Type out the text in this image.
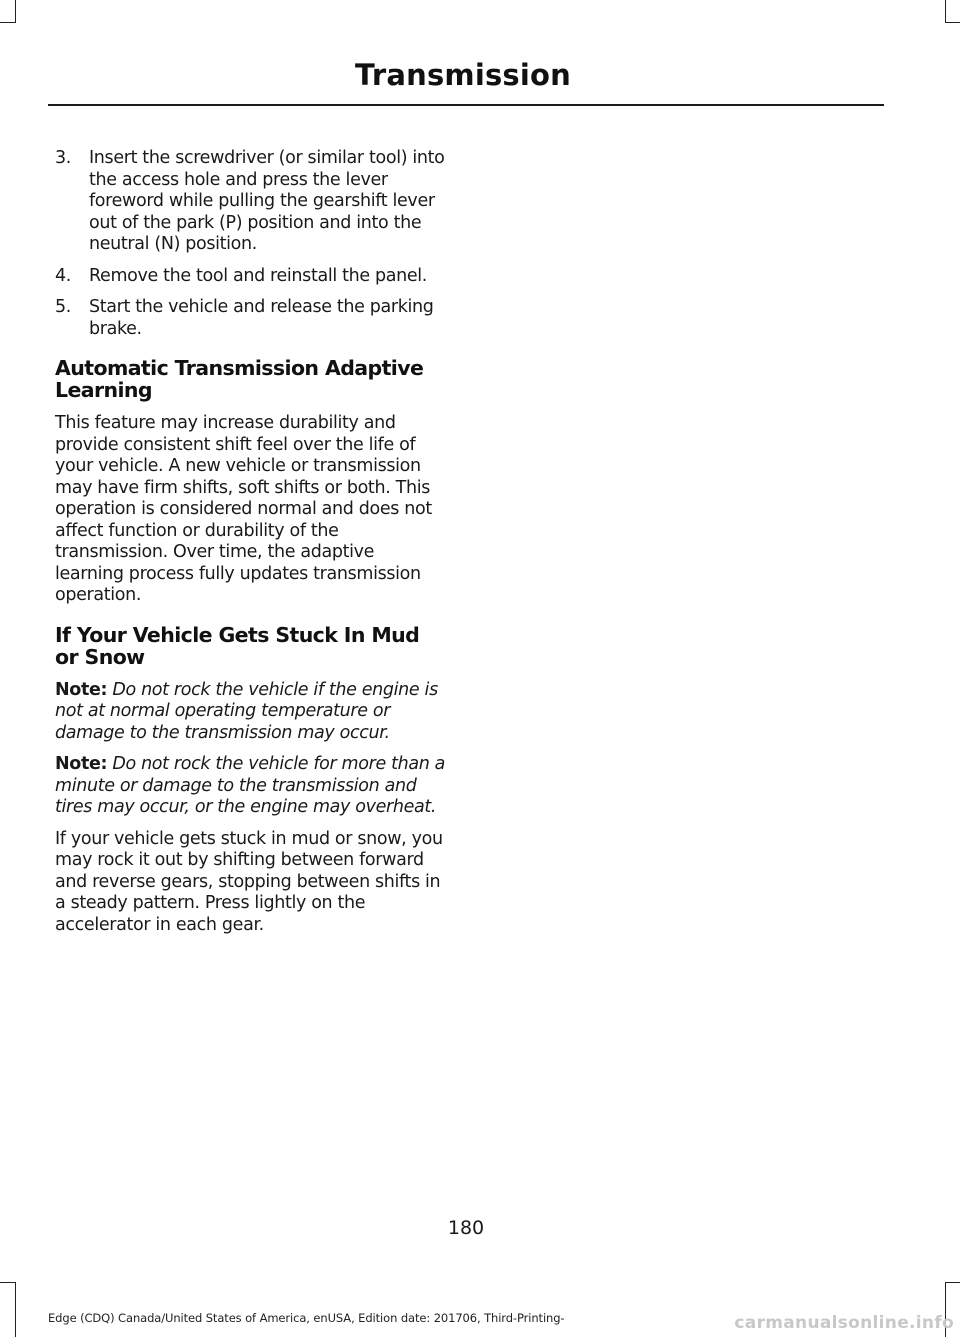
Transmission
3. Insert the screwdriver (or similar tool) into the access hole and press the lever foreword while pulling the gearshift lever out of the park (P) position and into the neutral (N) position.
4. Remove the tool and reinstall the panel.
5. Start the vehicle and release the parking brake.
Automatic Transmission Adaptive Learning

This feature may increase durability and provide consistent shift feel over the life of your vehicle. A new vehicle or transmission may have firm shifts, soft shifts or both. This operation is considered normal and does not affect function or durability of the transmission. Over time, the adaptive learning process fully updates transmission operation.

If Your Vehicle Gets Stuck In Mud or Snow

Note: Do not rock the vehicle if the engine is not at normal operating temperature or damage to the transmission may occur.

Note: Do not rock the vehicle for more than a minute or damage to the transmission and tires may occur, or the engine may overheat.

If your vehicle gets stuck in mud or snow, you may rock it out by shifting between forward and reverse gears, stopping between shifts in a steady pattern. Press lightly on the accelerator in each gear.

180
Edge (CDQ) Canada/United States of America, enUSA, Edition date: 201706, Third-Printing-	carmanualsonline.info
